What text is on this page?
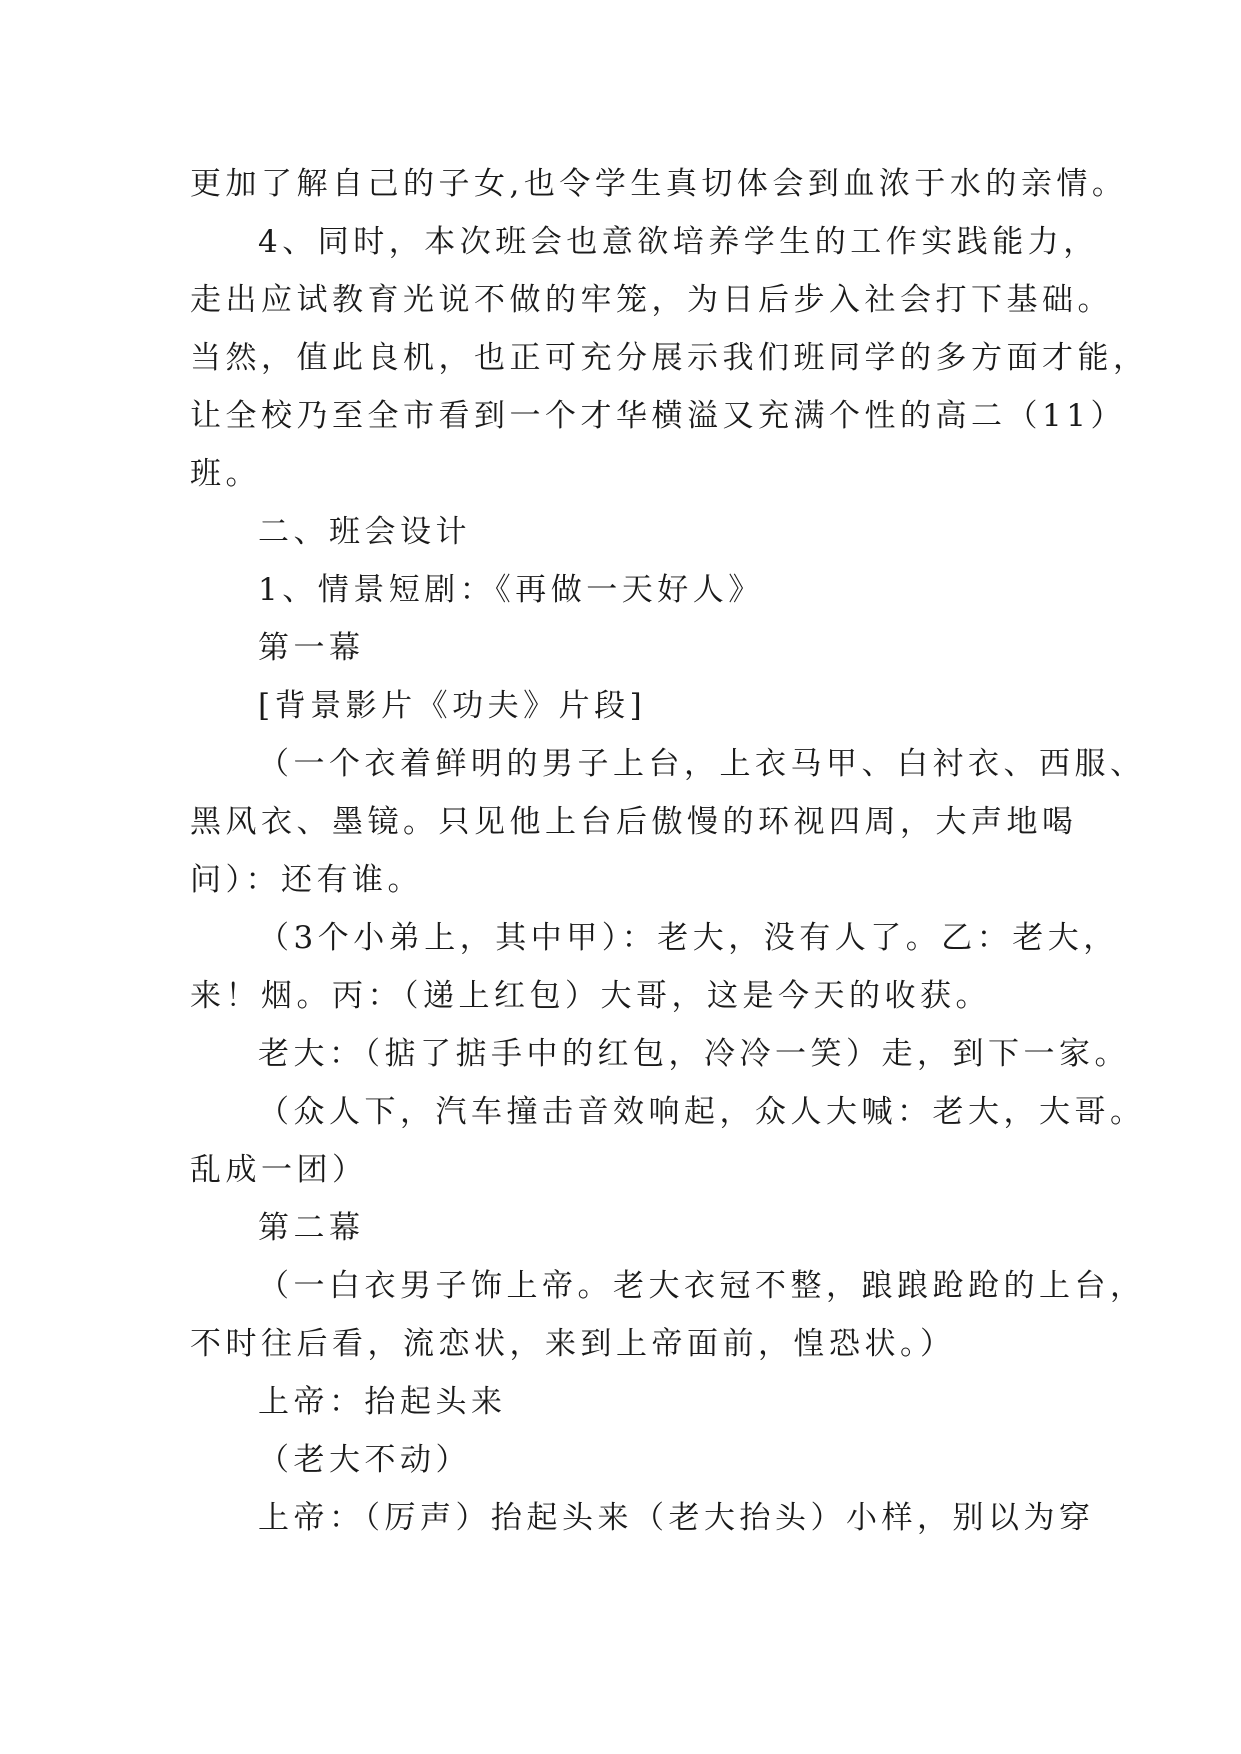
更加了解自己的子女,也令学生真切体会到血浓于水的亲情。
4、同时，本次班会也意欲培养学生的工作实践能力，
走出应试教育光说不做的牢笼，为日后步入社会打下基础。
当然，值此良机，也正可充分展示我们班同学的多方面才能，
让全校乃至全市看到一个才华横溢又充满个性的高二（11）
班。
二、班会设计
1、情景短剧：《再做一天好人》
第一幕
[背景影片《功夫》片段]
（一个衣着鲜明的男子上台，上衣马甲、白衬衣、西服、
黑风衣、墨镜。只见他上台后傲慢的环视四周，大声地喝
问）：还有谁。
（3个小弟上，其中甲）：老大，没有人了。乙：老大，
来！烟。丙：（递上红包）大哥，这是今天的收获。
老大：（掂了掂手中的红包，冷冷一笑）走，到下一家。
（众人下，汽车撞击音效响起，众人大喊：老大，大哥。
乱成一团）
第二幕
（一白衣男子饰上帝。老大衣冠不整，踉踉跄跄的上台，
不时往后看，流恋状，来到上帝面前，惶恐状。）
上帝：抬起头来
（老大不动）
上帝：（厉声）抬起头来（老大抬头）小样，别以为穿
